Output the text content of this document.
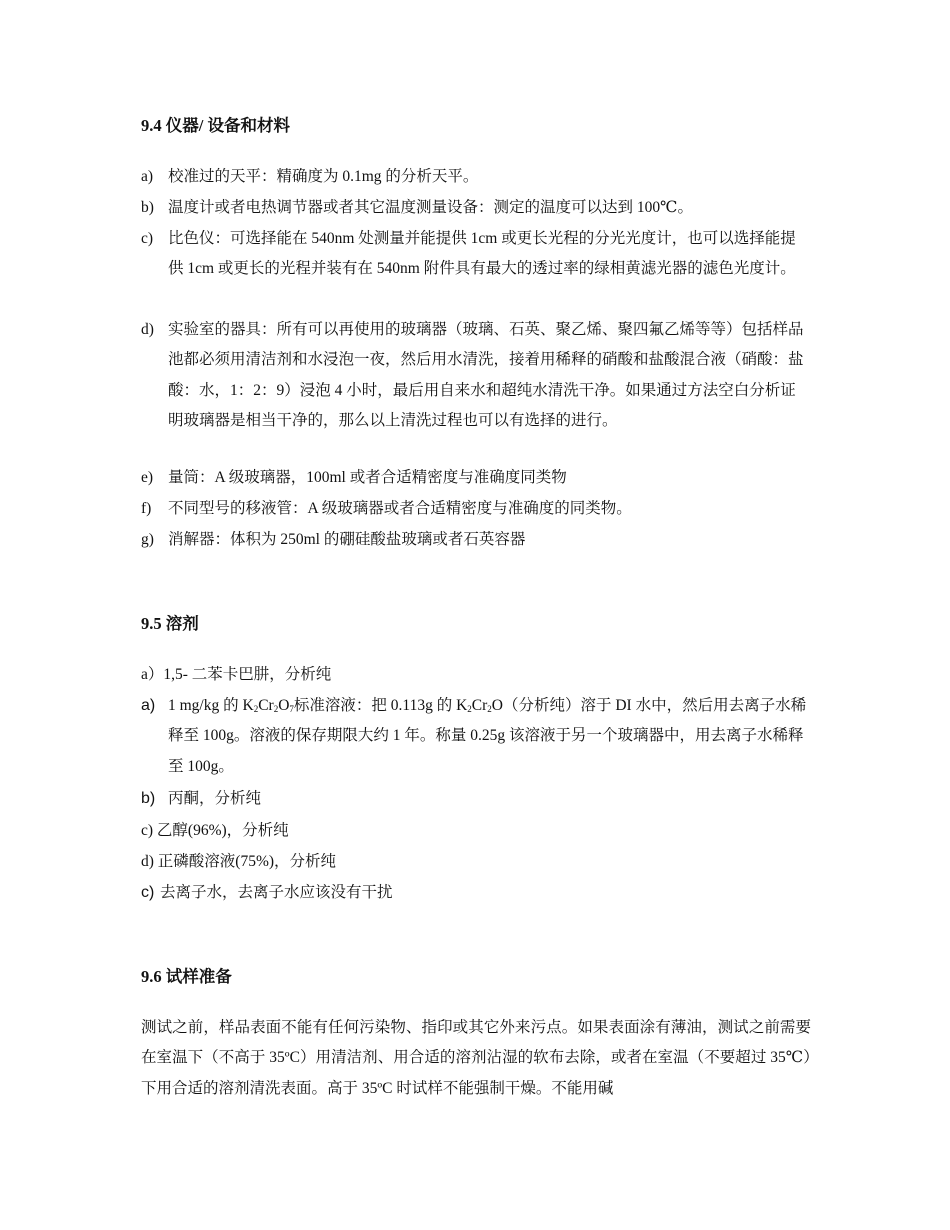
9.4 仪器/ 设备和材料
a) 校准过的天平：精确度为 0.1mg 的分析天平。
b) 温度计或者电热调节器或者其它温度测量设备：测定的温度可以达到 100℃。
c) 比色仪：可选择能在 540nm 处测量并能提供 1cm 或更长光程的分光光度计，也可以选择能提供 1cm 或更长的光程并装有在 540nm 附件具有最大的透过率的绿相黄滤光器的滤色光度计。
d) 实验室的器具：所有可以再使用的玻璃器（玻璃、石英、聚乙烯、聚四氟乙烯等等）包括样品池都必须用清洁剂和水浸泡一夜，然后用水清洗，接着用稀释的硝酸和盐酸混合液（硝酸：盐酸：水，1：2：9）浸泡 4 小时，最后用自来水和超纯水清洗干净。如果通过方法空白分析证明玻璃器是相当干净的，那么以上清洗过程也可以有选择的进行。
e) 量筒：A 级玻璃器，100ml 或者合适精密度与准确度同类物
f) 不同型号的移液管：A 级玻璃器或者合适精密度与准确度的同类物。
g) 消解器：体积为 250ml 的硼硅酸盐玻璃或者石英容器
9.5 溶剂
a）1,5- 二苯卡巴肼，分析纯
a) 1 mg/kg 的 $K_2Cr_2O_7$标准溶液：把 0.113g 的 $K_2Cr_2O$（分析纯）溶于 DI 水中，然后用去离子水稀释至 100g。溶液的保存期限大约 1 年。称量 0.25g 该溶液于另一个玻璃器中，用去离子水稀释至 100g。
b) 丙酮，分析纯
c) 乙醇(96%)，分析纯
d) 正磷酸溶液(75%)，分析纯
c) 去离子水，去离子水应该没有干扰
9.6 试样准备
测试之前，样品表面不能有任何污染物、指印或其它外来污点。如果表面涂有薄油，测试之前需要在室温下（不高于 35ºC）用清洁剂、用合适的溶剂沾湿的软布去除，或者在室温（不要超过 35℃）下用合适的溶剂清洗表面。高于 35ºC 时试样不能强制干燥。不能用碱
